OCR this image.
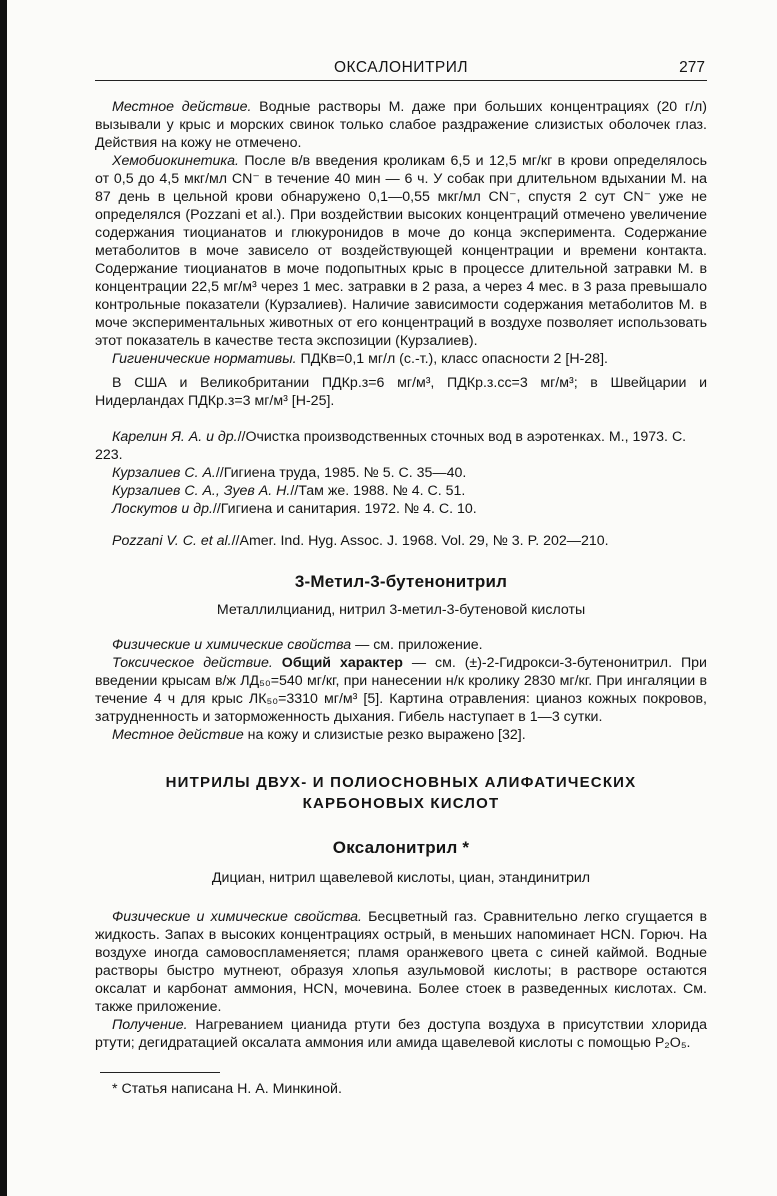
ОКСАЛОНИТРИЛ	277

Местное действие. Водные растворы М. даже при больших концентрациях (20 г/л) вызывали у крыс и морских свинок только слабое раздражение слизистых оболочек глаз. Действия на кожу не отмечено.

Хемобиокинетика. После в/в введения кроликам 6,5 и 12,5 мг/кг в крови определялось от 0,5 до 4,5 мкг/мл CN⁻ в течение 40 мин — 6 ч. У собак при длительном вдыхании М. на 87 день в цельной крови обнаружено 0,1—0,55 мкг/мл CN⁻, спустя 2 сут CN⁻ уже не определялся (Pozzani et al.). При воздействии высоких концентраций отмечено увеличение содержания тиоцианатов и глюкуронидов в моче до конца эксперимента. Содержание метаболитов в моче зависело от воздействующей концентрации и времени контакта. Содержание тиоцианатов в моче подопытных крыс в процессе длительной затравки М. в концентрации 22,5 мг/м³ через 1 мес. затравки в 2 раза, а через 4 мес. в 3 раза превышало контрольные показатели (Курзалиев). Наличие зависимости содержания метаболитов М. в моче экспериментальных животных от его концентраций в воздухе позволяет использовать этот показатель в качестве теста экспозиции (Курзалиев).

Гигиенические нормативы. ПДКв=0,1 мг/л (с.-т.), класс опасности 2 [Н-28].

В США и Великобритании ПДКр.з=6 мг/м³, ПДКр.з.сс=3 мг/м³; в Швейцарии и Нидерландах ПДКр.з=3 мг/м³ [Н-25].

Карелин Я. А. и др.//Очистка производственных сточных вод в аэротенках. М., 1973. С. 223.

Курзалиев С. А.//Гигиена труда, 1985. № 5. С. 35—40.

Курзалиев С. А., Зуев А. Н.//Там же. 1988. № 4. С. 51.

Лоскутов и др.//Гигиена и санитария. 1972. № 4. С. 10.

Pozzani V. C. et al.//Amer. Ind. Hyg. Assoc. J. 1968. Vol. 29, № 3. P. 202—210.

3-Метил-3-бутенонитрил
Металлилцианид, нитрил 3-метил-3-бутеновой кислоты

Физические и химические свойства — см. приложение.

Токсическое действие. Общий характер — см. (±)-2-Гидрокси-3-бутенонитрил. При введении крысам в/ж ЛД₅₀=540 мг/кг, при нанесении н/к кролику 2830 мг/кг. При ингаляции в течение 4 ч для крыс ЛК₅₀=3310 мг/м³ [5]. Картина отравления: цианоз кожных покровов, затрудненность и заторможенность дыхания. Гибель наступает в 1—3 сутки.

Местное действие на кожу и слизистые резко выражено [32].

НИТРИЛЫ ДВУХ- И ПОЛИОСНОВНЫХ АЛИФАТИЧЕСКИХ
КАРБОНОВЫХ КИСЛОТ
Оксалонитрил *
Дициан, нитрил щавелевой кислоты, циан, этандинитрил

Физические и химические свойства. Бесцветный газ. Сравнительно легко сгущается в жидкость. Запах в высоких концентрациях острый, в меньших напоминает HCN. Горюч. На воздухе иногда самовоспламеняется; пламя оранжевого цвета с синей каймой. Водные растворы быстро мутнеют, образуя хлопья азульмовой кислоты; в растворе остаются оксалат и карбонат аммония, HCN, мочевина. Более стоек в разведенных кислотах. См. также приложение.

Получение. Нагреванием цианида ртути без доступа воздуха в присутствии хлорида ртути; дегидратацией оксалата аммония или амида щавелевой кислоты с помощью P₂O₅.

* Статья написана Н. А. Минкиной.
